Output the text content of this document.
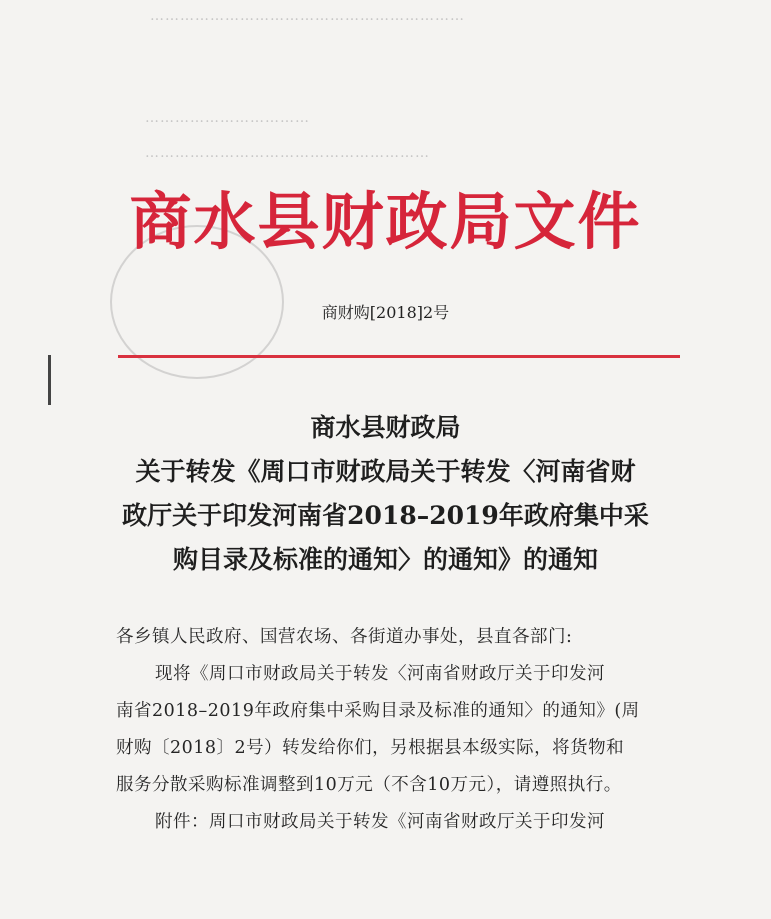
………………………………………………………
……………………………
…………………………………………………
商水县财政局文件
商财购[2018]2号
商水县财政局
关于转发《周口市财政局关于转发〈河南省财
政厅关于印发河南省2018–2019年政府集中采
购目录及标准的通知〉的通知》的通知
各乡镇人民政府、国营农场、各街道办事处，县直各部门:
现将《周口市财政局关于转发〈河南省财政厅关于印发河
南省2018–2019年政府集中采购目录及标准的通知〉的通知》(周
财购〔2018〕2号）转发给你们，另根据县本级实际，将货物和
服务分散采购标准调整到10万元（不含10万元），请遵照执行。
附件：周口市财政局关于转发《河南省财政厅关于印发河
